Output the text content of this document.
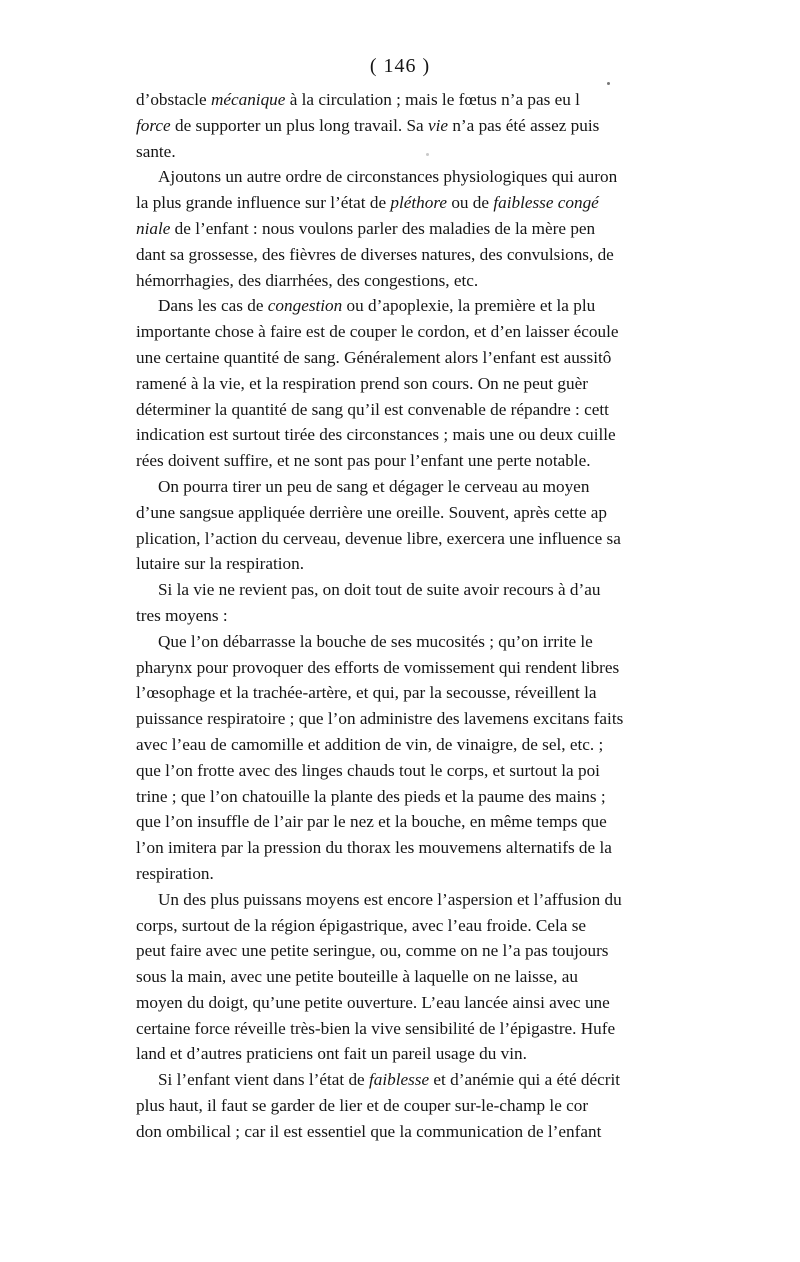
( 146 )
d’obstacle mécanique à la circulation ; mais le fœtus n’a pas eu l
force de supporter un plus long travail. Sa vie n’a pas été assez puis
sante.
Ajoutons un autre ordre de circonstances physiologiques qui auron
la plus grande influence sur l’état de pléthore ou de faiblesse congé
niale de l’enfant : nous voulons parler des maladies de la mère pen
dant sa grossesse, des fièvres de diverses natures, des convulsions, de
hémorrhagies, des diarrhées, des congestions, etc.
Dans les cas de congestion ou d’apoplexie, la première et la plu
importante chose à faire est de couper le cordon, et d’en laisser écoule
une certaine quantité de sang. Généralement alors l’enfant est aussitô
ramené à la vie, et la respiration prend son cours. On ne peut guèr
déterminer la quantité de sang qu’il est convenable de répandre : cett
indication est surtout tirée des circonstances ; mais une ou deux cuille
rées doivent suffire, et ne sont pas pour l’enfant une perte notable.
On pourra tirer un peu de sang et dégager le cerveau au moyen
d’une sangsue appliquée derrière une oreille. Souvent, après cette ap
plication, l’action du cerveau, devenue libre, exercera une influence sa
lutaire sur la respiration.
Si la vie ne revient pas, on doit tout de suite avoir recours à d’au
tres moyens :
Que l’on débarrasse la bouche de ses mucosités ; qu’on irrite le
pharynx pour provoquer des efforts de vomissement qui rendent libres
l’œsophage et la trachée-artère, et qui, par la secousse, réveillent la
puissance respiratoire ; que l’on administre des lavemens excitans faits
avec l’eau de camomille et addition de vin, de vinaigre, de sel, etc. ;
que l’on frotte avec des linges chauds tout le corps, et surtout la poi
trine ; que l’on chatouille la plante des pieds et la paume des mains ;
que l’on insuffle de l’air par le nez et la bouche, en même temps que
l’on imitera par la pression du thorax les mouvemens alternatifs de la
respiration.
Un des plus puissans moyens est encore l’aspersion et l’affusion du
corps, surtout de la région épigastrique, avec l’eau froide. Cela se
peut faire avec une petite seringue, ou, comme on ne l’a pas toujours
sous la main, avec une petite bouteille à laquelle on ne laisse, au
moyen du doigt, qu’une petite ouverture. L’eau lancée ainsi avec une
certaine force réveille très-bien la vive sensibilité de l’épigastre. Hufe
land et d’autres praticiens ont fait un pareil usage du vin.
Si l’enfant vient dans l’état de faiblesse et d’anémie qui a été décrit
plus haut, il faut se garder de lier et de couper sur-le-champ le cor
don ombilical ; car il est essentiel que la communication de l’enfant
